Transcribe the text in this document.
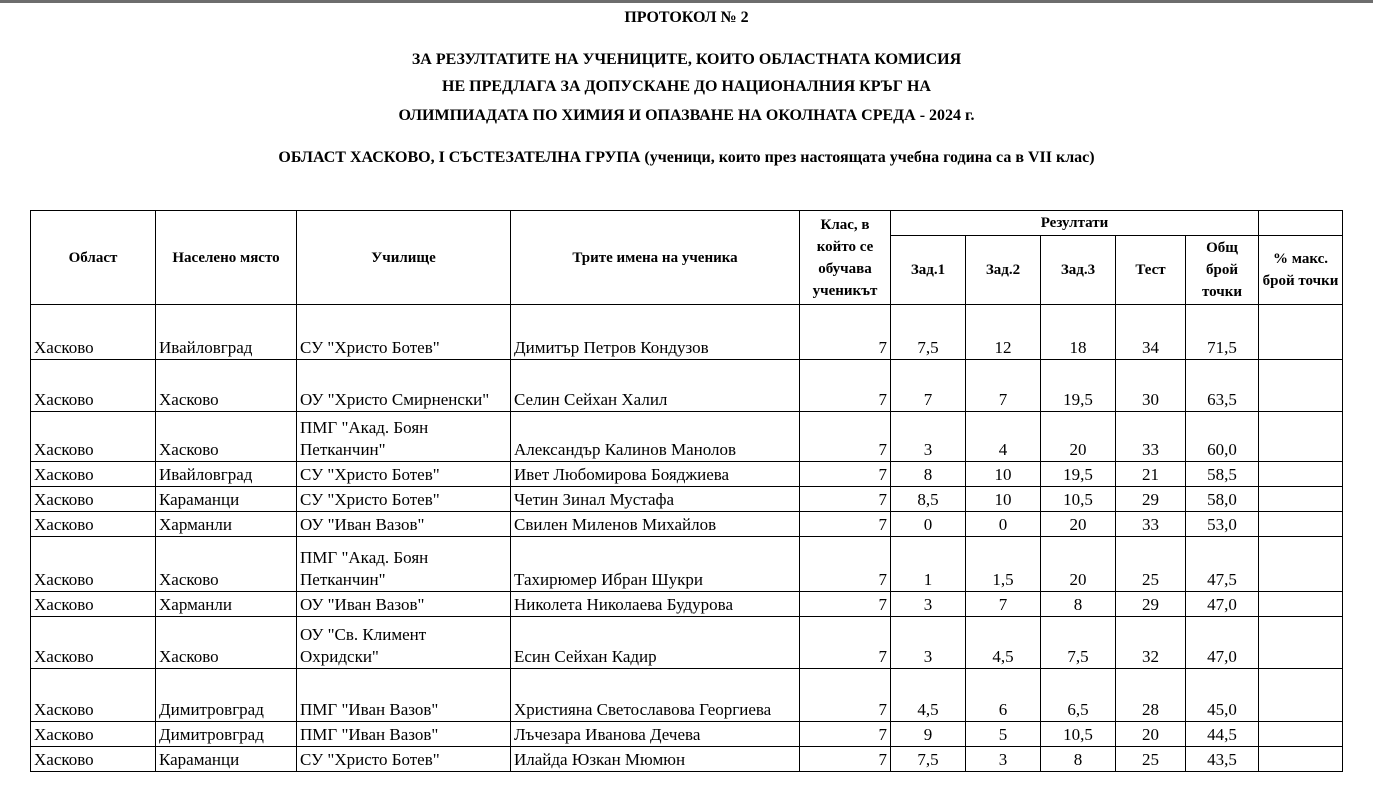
ПРОТОКОЛ № 2
ЗА РЕЗУЛТАТИТЕ НА УЧЕНИЦИТЕ, КОИТО ОБЛАСТНАТА КОМИСИЯ
НЕ ПРЕДЛАГА ЗА ДОПУСКАНЕ ДО НАЦИОНАЛНИЯ КРЪГ НА
ОЛИМПИАДАТА ПО ХИМИЯ И ОПАЗВАНЕ НА ОКОЛНАТА СРЕДА - 2024 г.
ОБЛАСТ ХАСКОВО, I СЪСТЕЗАТЕЛНА ГРУПА (ученици, които през настоящата учебна година са в VII клас)
Област	Населено място	Училище	Трите имена на ученика	Клас, в който се обучава ученикът	Резултати					
					Зад.1	Зад.2	Зад.3	Тест	Общ брой точки	% макс. брой точки
Хасково	Ивайловград	СУ "Христо Ботев"	Димитър Петров Кондузов	7	7,5	12	18	34	71,5	
Хасково	Хасково	ОУ "Христо Смирненски"	Селин Сейхан Халил	7	7	7	19,5	30	63,5	
Хасково	Хасково	ПМГ "Акад. Боян Петканчин"	Александър Калинов Манолов	7	3	4	20	33	60,0	
Хасково	Ивайловград	СУ "Христо Ботев"	Ивет Любомирова Бояджиева	7	8	10	19,5	21	58,5	
Хасково	Караманци	СУ "Христо Ботев"	Четин Зинал Мустафа	7	8,5	10	10,5	29	58,0	
Хасково	Харманли	ОУ "Иван Вазов"	Свилен Миленов Михайлов	7	0	0	20	33	53,0	
Хасково	Хасково	ПМГ "Акад. Боян Петканчин"	Тахирюмер Ибран Шукри	7	1	1,5	20	25	47,5	
Хасково	Харманли	ОУ "Иван Вазов"	Николета Николаева Будурова	7	3	7	8	29	47,0	
Хасково	Хасково	ОУ "Св. Климент Охридски"	Есин Сейхан Кадир	7	3	4,5	7,5	32	47,0	
Хасково	Димитровград	ПМГ "Иван Вазов"	Християна Светославова Георгиева	7	4,5	6	6,5	28	45,0	
Хасково	Димитровград	ПМГ "Иван Вазов"	Лъчезара Иванова Дечева	7	9	5	10,5	20	44,5	
Хасково	Караманци	СУ "Христо Ботев"	Илайда Юзкан Мюмюн	7	7,5	3	8	25	43,5	
